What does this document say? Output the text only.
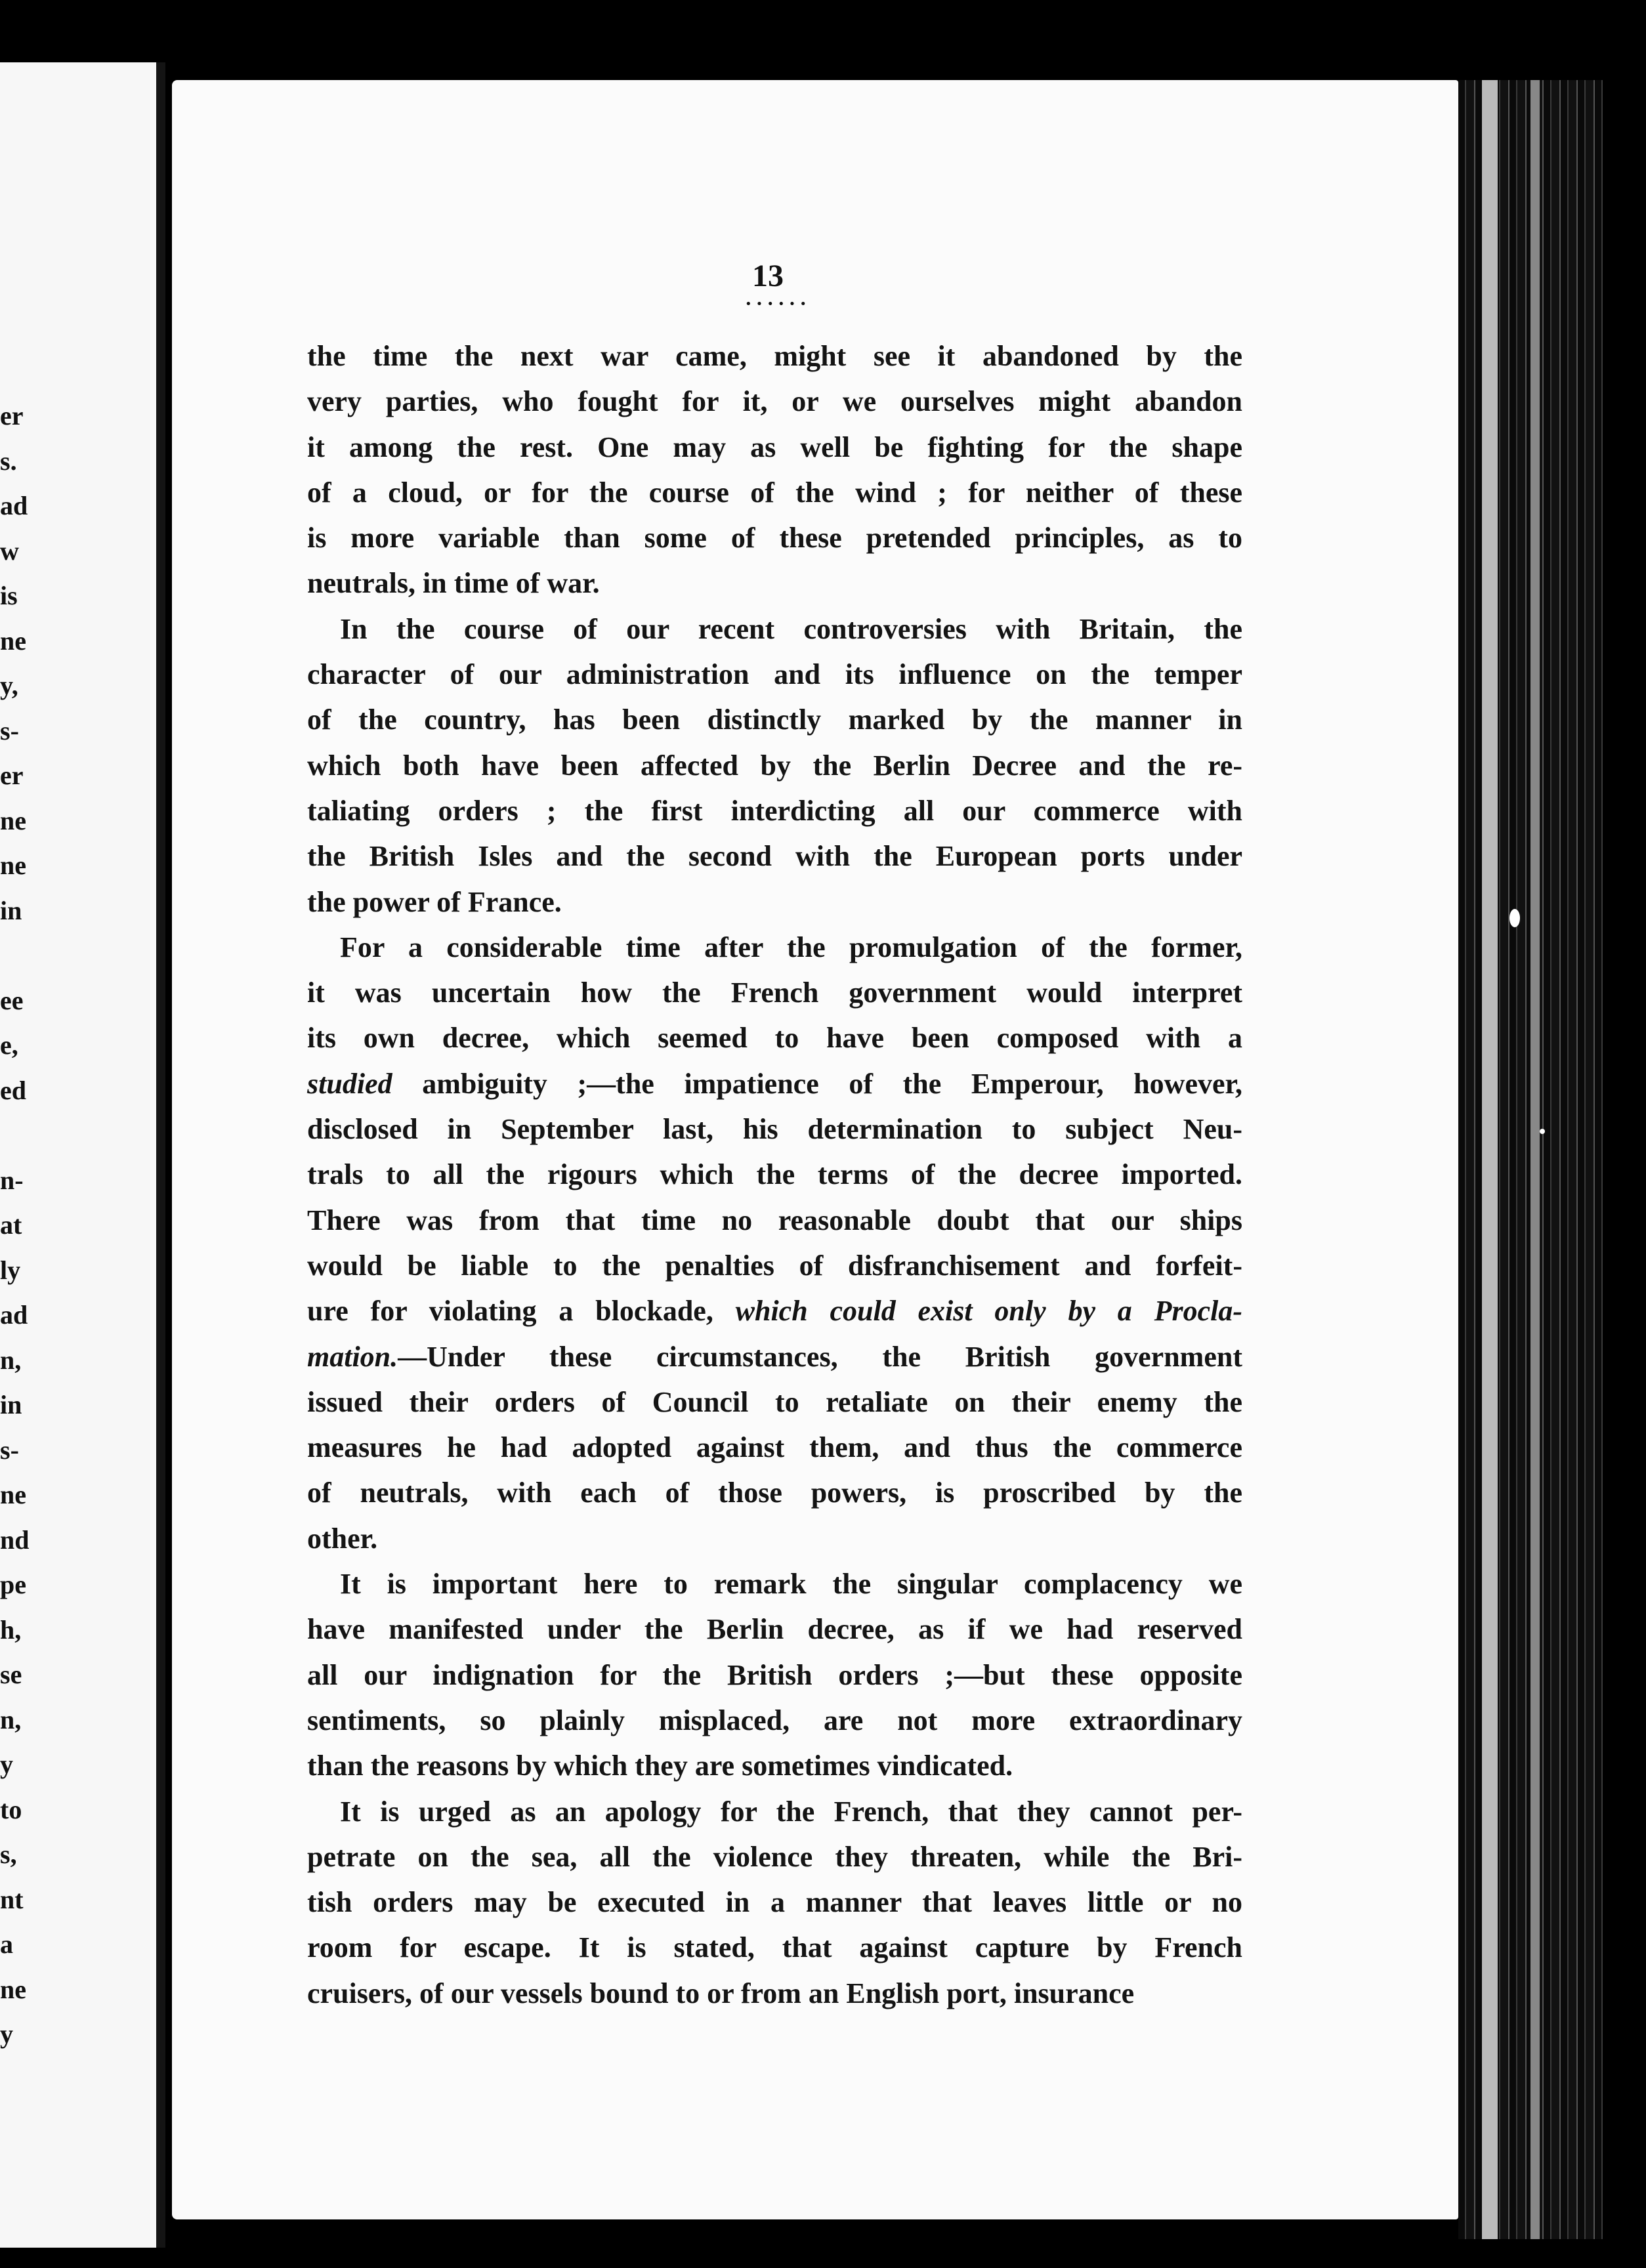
er
s.
ad
w
is
ne
y,
s-
er
ne
ne
in

ee
e,
ed

n-
at
ly
ad
n,
in
s-
ne
nd
pe
h,
se
n,
y
to
s,
nt
a
ne
y
13
······
the time the next war came, might see it abandoned by the
very parties, who fought for it, or we ourselves might abandon
it among the rest. One may as well be fighting for the shape
of a cloud, or for the course of the wind ; for neither of these
is more variable than some of these pretended principles, as to
neutrals, in time of war.
In the course of our recent controversies with Britain, the
character of our administration and its influence on the temper
of the country, has been distinctly marked by the manner in
which both have been affected by the Berlin Decree and the re-
taliating orders ; the first interdicting all our commerce with
the British Isles and the second with the European ports under
the power of France.
For a considerable time after the promulgation of the former,
it was uncertain how the French government would interpret
its own decree, which seemed to have been composed with a
studied ambiguity ;—the impatience of the Emperour, however,
disclosed in September last, his determination to subject Neu-
trals to all the rigours which the terms of the decree imported.
There was from that time no reasonable doubt that our ships
would be liable to the penalties of disfranchisement and forfeit-
ure for violating a blockade, which could exist only by a Procla-
mation.—Under these circumstances, the British government
issued their orders of Council to retaliate on their enemy the
measures he had adopted against them, and thus the commerce
of neutrals, with each of those powers, is proscribed by the
other.
It is important here to remark the singular complacency we
have manifested under the Berlin decree, as if we had reserved
all our indignation for the British orders ;—but these opposite
sentiments, so plainly misplaced, are not more extraordinary
than the reasons by which they are sometimes vindicated.
It is urged as an apology for the French, that they cannot per-
petrate on the sea, all the violence they threaten, while the Bri-
tish orders may be executed in a manner that leaves little or no
room for escape. It is stated, that against capture by French
cruisers, of our vessels bound to or from an English port, insurance
